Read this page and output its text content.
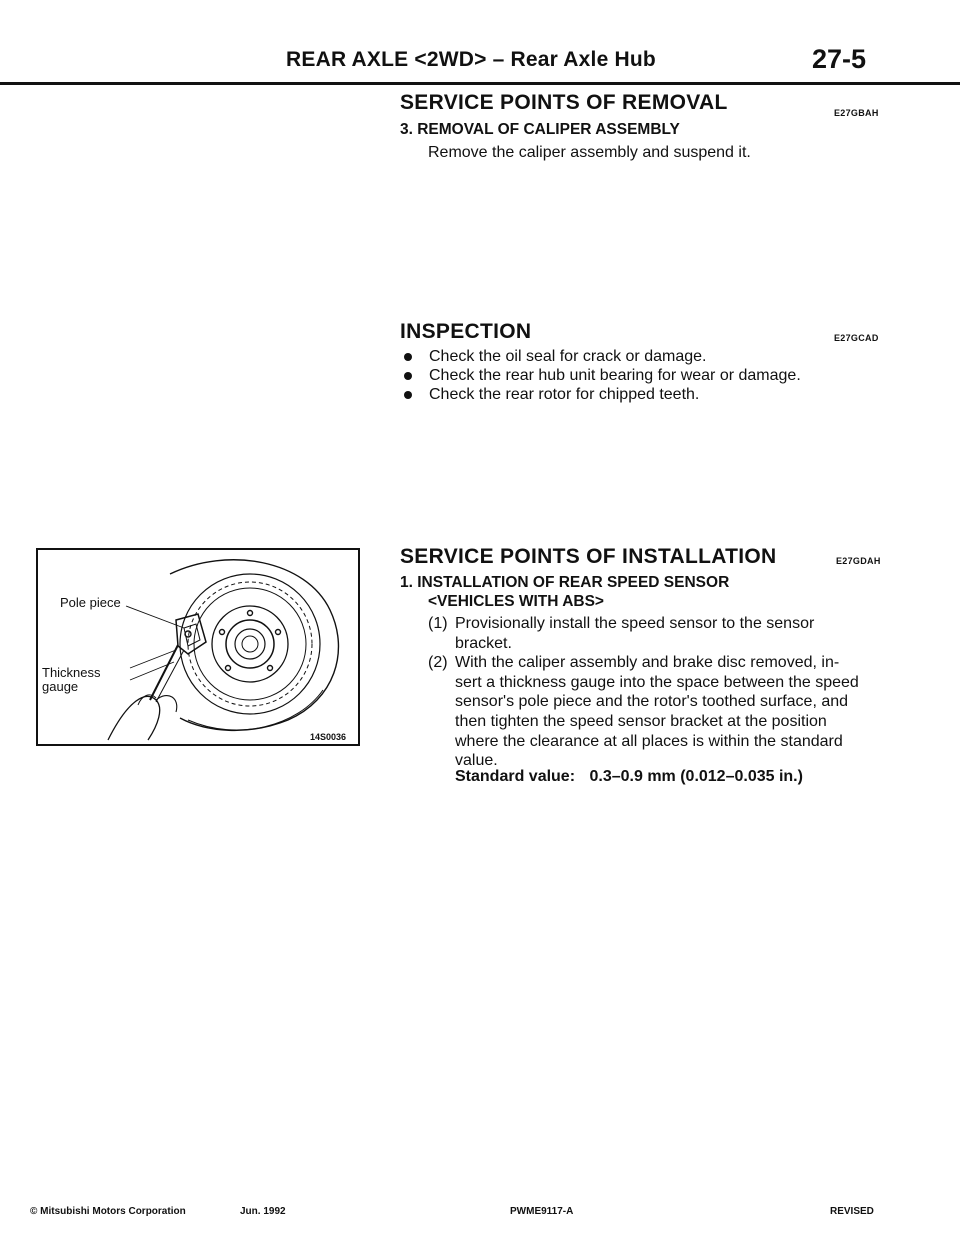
REAR AXLE <2WD> – Rear Axle Hub	27-5
SERVICE POINTS OF REMOVAL	E27GBAH
3. REMOVAL OF CALIPER ASSEMBLY
Remove the caliper assembly and suspend it.
INSPECTION	E27GCAD
Check the oil seal for crack or damage.
Check the rear hub unit bearing for wear or damage.
Check the rear rotor for chipped teeth.
SERVICE POINTS OF INSTALLATION	E27GDAH
1. INSTALLATION OF REAR SPEED SENSOR
<VEHICLES WITH ABS>
(1) Provisionally install the speed sensor to the sensor
bracket.
(2) With the caliper assembly and brake disc removed, in-
sert a thickness gauge into the space between the speed
sensor's pole piece and the rotor's toothed surface, and
then tighten the speed sensor bracket at the position
where the clearance at all places is within the standard
value.
Standard value: 0.3–0.9 mm (0.012–0.035 in.)
Pole piece
Thickness
gauge
14S0036
© Mitsubishi Motors Corporation	Jun. 1992	PWME9117-A	REVISED
